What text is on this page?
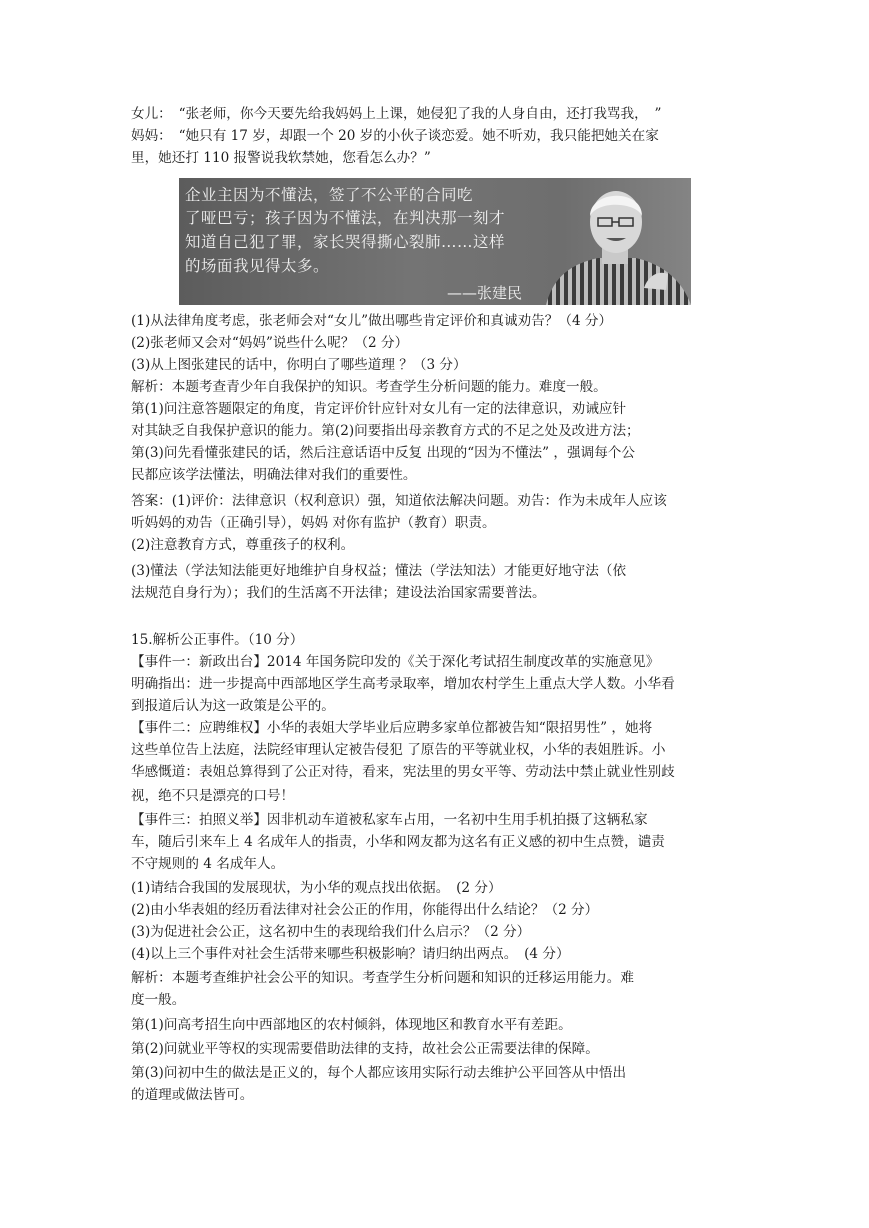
女儿：　“张老师，你今天要先给我妈妈上上课，她侵犯了我的人身自由，还打我骂我，　”
妈妈：　“她只有 17 岁，却跟一个 20 岁的小伙子谈恋爱。她不听劝，我只能把她关在家
里，她还打 110 报警说我软禁她，您看怎么办？”
企业主因为不懂法，签了不公平的合同吃
了哑巴亏；孩子因为不懂法，在判决那一刻才
知道自己犯了罪，家长哭得撕心裂肺……这样
的场面我见得太多。
——张建民
(1)从法律角度考虑，张老师会对“女儿”做出哪些肯定评价和真诚劝告？（4 分）
(2)张老师又会对“妈妈”说些什么呢？（2 分）
(3)从上图张建民的话中，你明白了哪些道理 ？（3 分）
解析：本题考查青少年自我保护的知识。考查学生分析问题的能力。难度一般。
第(1)问注意答题限定的角度，肯定评价针应针对女儿有一定的法律意识，劝诫应针
对其缺乏自我保护意识的能力。第(2)问要指出母亲教育方式的不足之处及改进方法；
第(3)问先看懂张建民的话，然后注意话语中反复 出现的“因为不懂法” ，强调每个公
民都应该学法懂法，明确法律对我们的重要性。
答案：(1)评价：法律意识（权利意识）强，知道依法解决问题。劝告：作为未成年人应该
听妈妈的劝告（正确引导），妈妈 对你有监护（教育）职责。
(2)注意教育方式，尊重孩子的权利。
(3)懂法（学法知法能更好地维护自身权益；懂法（学法知法）才能更好地守法（依
法规范自身行为）；我们的生活离不开法律；建设法治国家需要普法。
15.解析公正事件。（10 分）
【事件一：新政出台】2014 年国务院印发的《关于深化考试招生制度改革的实施意见》
明确指出：进一步提高中西部地区学生高考录取率，增加农村学生上重点大学人数。小华看
到报道后认为这一政策是公平的。
【事件二：应聘维权】小华的表姐大学毕业后应聘多家单位都被告知“限招男性” ，她将
这些单位告上法庭，法院经审理认定被告侵犯 了原告的平等就业权，小华的表姐胜诉。小
华感慨道：表姐总算得到了公正对待，看来，宪法里的男女平等、劳动法中禁止就业性别歧
视，绝不只是漂亮的口号！
【事件三：拍照义举】因非机动车道被私家车占用，一名初中生用手机拍摄了这辆私家
车，随后引来车上 4 名成年人的指责，小华和网友都为这名有正义感的初中生点赞，谴责
不守规则的 4 名成年人。
(1)请结合我国的发展现状，为小华的观点找出依据。　(2 分）
(2)由小华表姐的经历看法律对社会公正的作用，你能得出什么结论？（2 分）
(3)为促进社会公正，这名初中生的表现给我们什么启示？（2 分）
(4)以上三个事件对社会生活带来哪些积极影响？请归纳出两点。　(4 分）
解析：本题考查维护社会公平的知识。考查学生分析问题和知识的迁移运用能力。难
度一般。
第(1)问高考招生向中西部地区的农村倾斜，体现地区和教育水平有差距。
第(2)问就业平等权的实现需要借助法律的支持，故社会公正需要法律的保障。
第(3)问初中生的做法是正义的，每个人都应该用实际行动去维护公平回答从中悟出
的道理或做法皆可。
